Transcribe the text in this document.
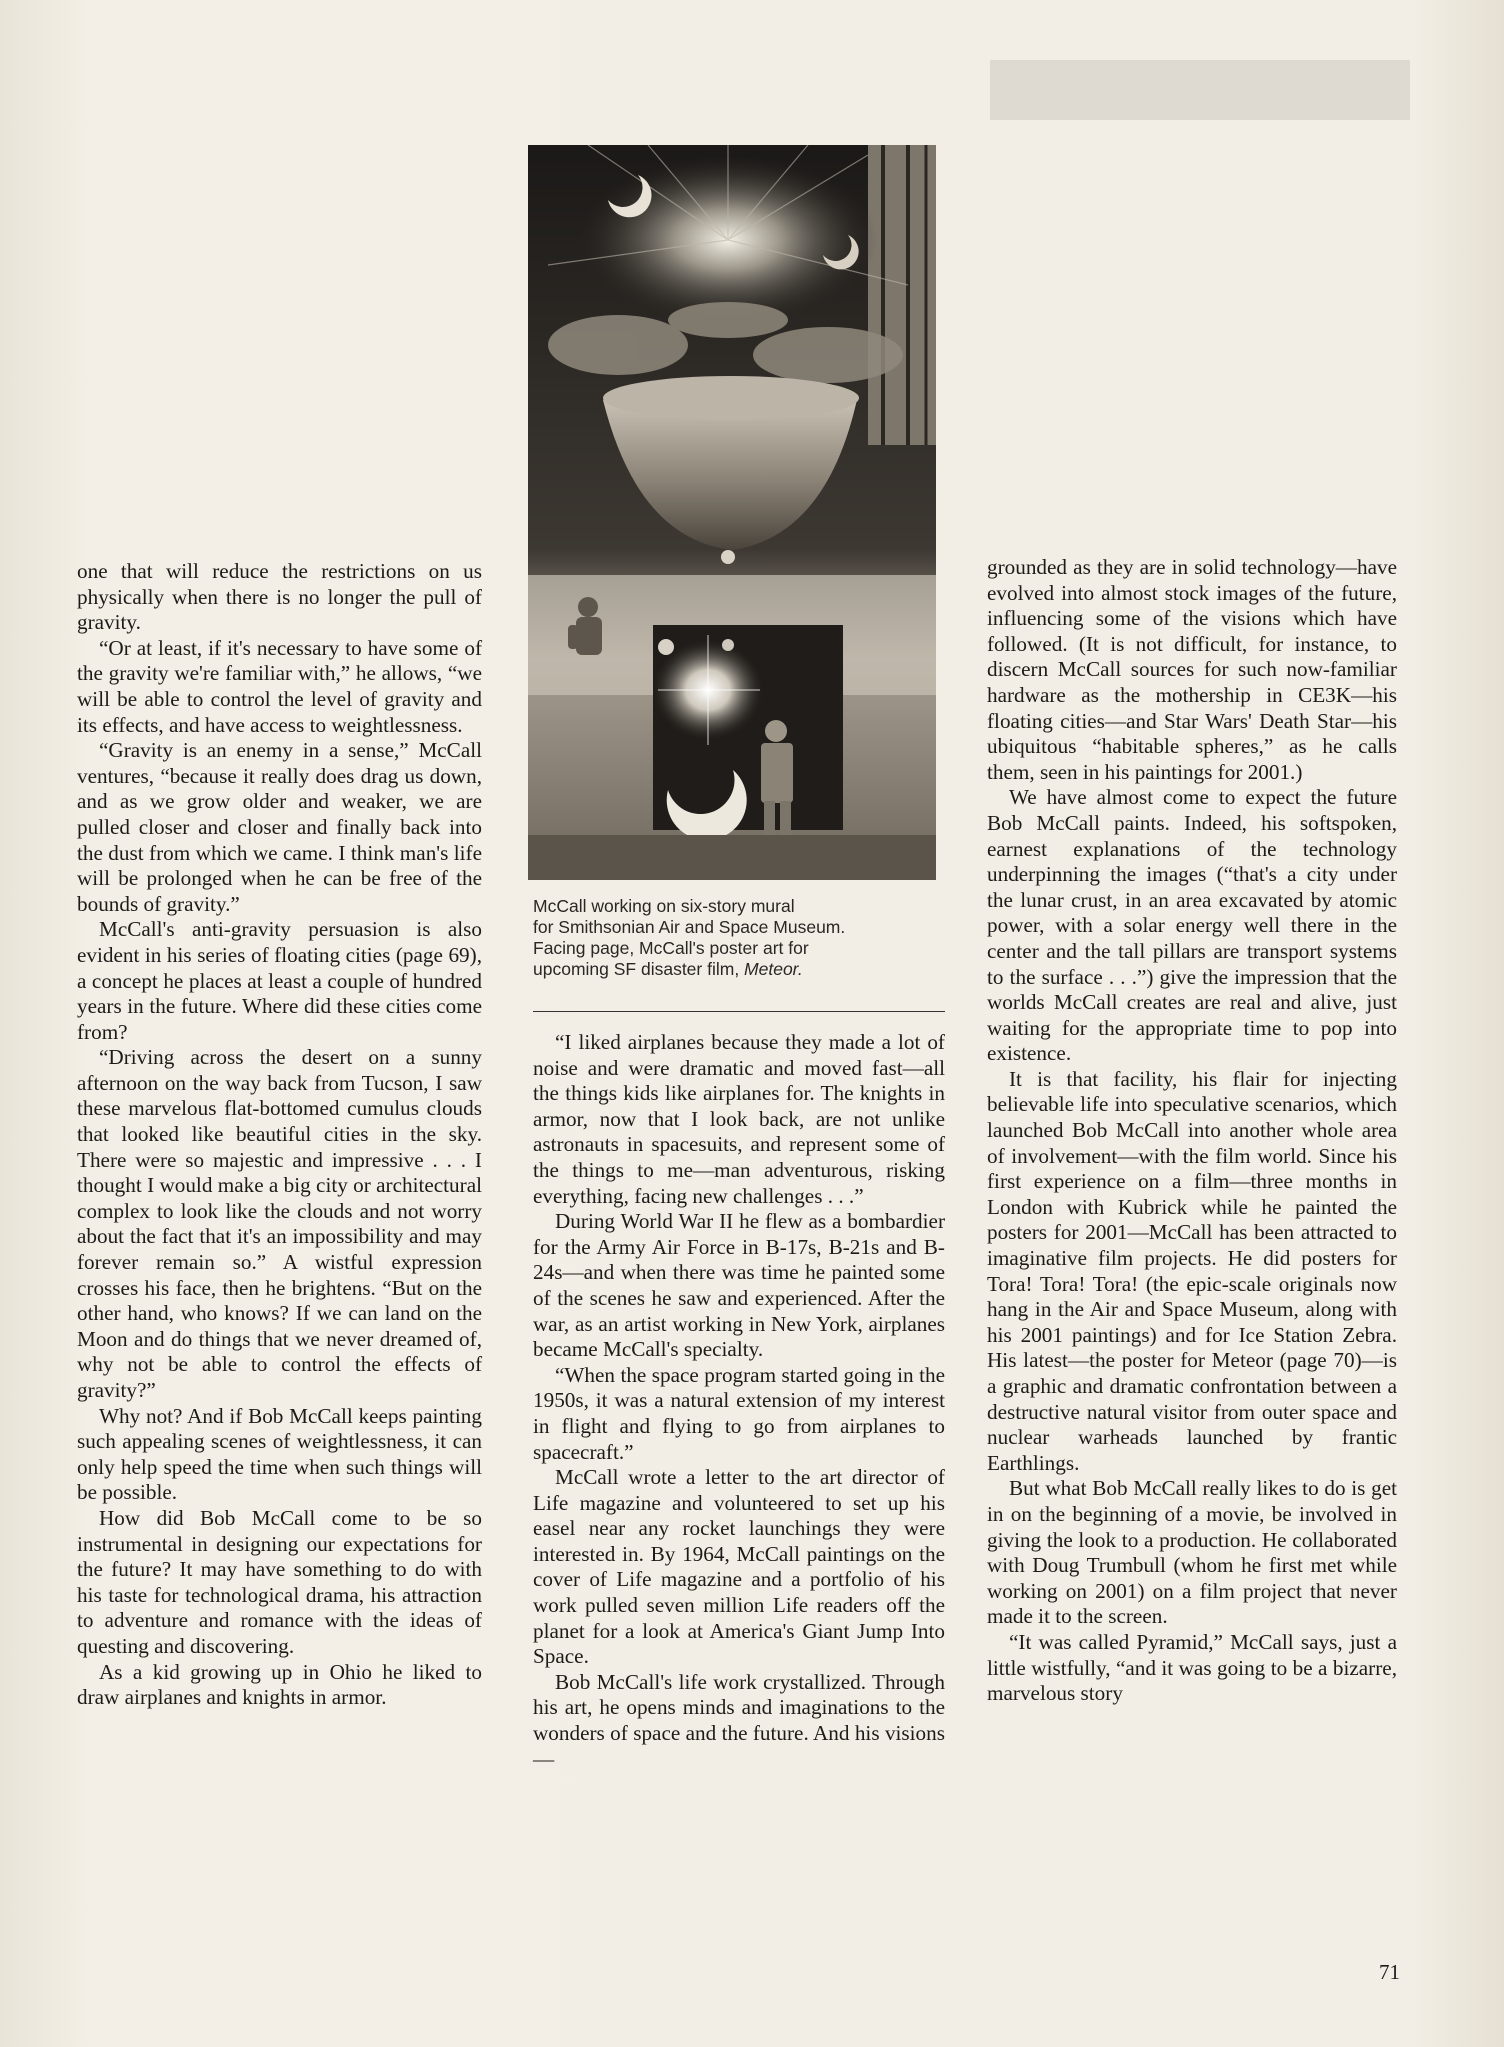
McCall working on six-story mural
for Smithsonian Air and Space Museum.
Facing page, McCall's poster art for
upcoming SF disaster film, Meteor.

one that will reduce the restrictions on us physically when there is no longer the pull of gravity.

“Or at least, if it's necessary to have some of the gravity we're familiar with,” he allows, “we will be able to control the level of gravity and its effects, and have access to weightlessness.

“Gravity is an enemy in a sense,” McCall ventures, “because it really does drag us down, and as we grow older and weaker, we are pulled closer and closer and finally back into the dust from which we came. I think man's life will be prolonged when he can be free of the bounds of gravity.”

McCall's anti-gravity persuasion is also evident in his series of floating cities (page 69), a concept he places at least a couple of hundred years in the future. Where did these cities come from?

“Driving across the desert on a sunny afternoon on the way back from Tucson, I saw these marvelous flat-bottomed cumulus clouds that looked like beautiful cities in the sky. There were so majestic and impressive . . . I thought I would make a big city or architectural complex to look like the clouds and not worry about the fact that it's an impossibility and may forever remain so.” A wistful expression crosses his face, then he brightens. “But on the other hand, who knows? If we can land on the Moon and do things that we never dreamed of, why not be able to control the effects of gravity?”

Why not? And if Bob McCall keeps painting such appealing scenes of weightlessness, it can only help speed the time when such things will be possible.

How did Bob McCall come to be so instrumental in designing our expectations for the future? It may have something to do with his taste for technological drama, his attraction to adventure and romance with the ideas of questing and discovering.

As a kid growing up in Ohio he liked to draw airplanes and knights in armor.

“I liked airplanes because they made a lot of noise and were dramatic and moved fast—all the things kids like airplanes for. The knights in armor, now that I look back, are not unlike astronauts in spacesuits, and represent some of the things to me—man adventurous, risking everything, facing new challenges . . .”

During World War II he flew as a bombardier for the Army Air Force in B-17s, B-21s and B-24s—and when there was time he painted some of the scenes he saw and experienced. After the war, as an artist working in New York, airplanes became McCall's specialty.

“When the space program started going in the 1950s, it was a natural extension of my interest in flight and flying to go from airplanes to spacecraft.”

McCall wrote a letter to the art director of Life magazine and volunteered to set up his easel near any rocket launchings they were interested in. By 1964, McCall paintings on the cover of Life magazine and a portfolio of his work pulled seven million Life readers off the planet for a look at America's Giant Jump Into Space.

Bob McCall's life work crystallized. Through his art, he opens minds and imaginations to the wonders of space and the future. And his visions—

grounded as they are in solid technology—have evolved into almost stock images of the future, influencing some of the visions which have followed. (It is not difficult, for instance, to discern McCall sources for such now-familiar hardware as the mothership in CE3K—his floating cities—and Star Wars' Death Star—his ubiquitous “habitable spheres,” as he calls them, seen in his paintings for 2001.)

We have almost come to expect the future Bob McCall paints. Indeed, his softspoken, earnest explanations of the technology underpinning the images (“that's a city under the lunar crust, in an area excavated by atomic power, with a solar energy well there in the center and the tall pillars are transport systems to the surface . . .”) give the impression that the worlds McCall creates are real and alive, just waiting for the appropriate time to pop into existence.

It is that facility, his flair for injecting believable life into speculative scenarios, which launched Bob McCall into another whole area of involvement—with the film world. Since his first experience on a film—three months in London with Kubrick while he painted the posters for 2001—McCall has been attracted to imaginative film projects. He did posters for Tora! Tora! Tora! (the epic-scale originals now hang in the Air and Space Museum, along with his 2001 paintings) and for Ice Station Zebra. His latest—the poster for Meteor (page 70)—is a graphic and dramatic confrontation between a destructive natural visitor from outer space and nuclear warheads launched by frantic Earthlings.

But what Bob McCall really likes to do is get in on the beginning of a movie, be involved in giving the look to a production. He collaborated with Doug Trumbull (whom he first met while working on 2001) on a film project that never made it to the screen.

“It was called Pyramid,” McCall says, just a little wistfully, “and it was going to be a bizarre, marvelous story

71
